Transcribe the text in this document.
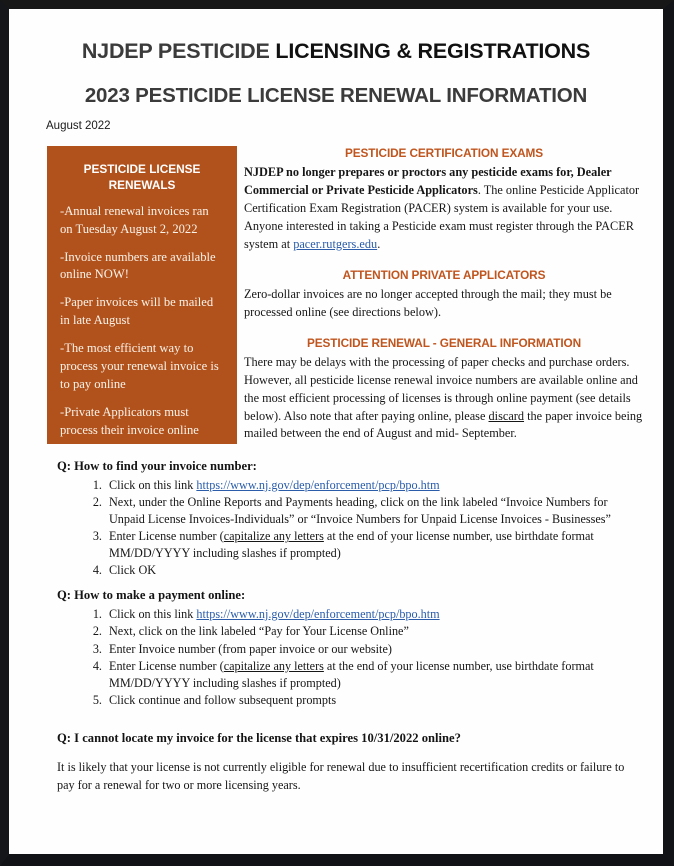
NJDEP PESTICIDE LICENSING & REGISTRATIONS
2023 PESTICIDE LICENSE RENEWAL INFORMATION
August 2022
PESTICIDE LICENSE RENEWALS
-Annual renewal invoices ran on Tuesday August 2, 2022
-Invoice numbers are available online NOW!
-Paper invoices will be mailed in late August
-The most efficient way to process your renewal invoice is to pay online
-Private Applicators must process their invoice online
PESTICIDE CERTIFICATION EXAMS

NJDEP no longer prepares or proctors any pesticide exams for, Dealer Commercial or Private Pesticide Applicators. The online Pesticide Applicator Certification Exam Registration (PACER) system is available for your use. Anyone interested in taking a Pesticide exam must register through the PACER system at pacer.rutgers.edu.

ATTENTION PRIVATE APPLICATORS

Zero-dollar invoices are no longer accepted through the mail; they must be processed online (see directions below).

PESTICIDE RENEWAL - GENERAL INFORMATION

There may be delays with the processing of paper checks and purchase orders. However, all pesticide license renewal invoice numbers are available online and the most efficient processing of licenses is through online payment (see details below). Also note that after paying online, please discard the paper invoice being mailed between the end of August and mid- September.

Q: How to find your invoice number:
1. Click on this link https://www.nj.gov/dep/enforcement/pcp/bpo.htm
2. Next, under the Online Reports and Payments heading, click on the link labeled “Invoice Numbers for Unpaid License Invoices-Individuals” or “Invoice Numbers for Unpaid License Invoices - Businesses”
3. Enter License number (capitalize any letters at the end of your license number, use birthdate format MM/DD/YYYY including slashes if prompted)
4. Click OK
Q: How to make a payment online:
1. Click on this link https://www.nj.gov/dep/enforcement/pcp/bpo.htm
2. Next, click on the link labeled “Pay for Your License Online”
3. Enter Invoice number (from paper invoice or our website)
4. Enter License number (capitalize any letters at the end of your license number, use birthdate format MM/DD/YYYY including slashes if prompted)
5. Click continue and follow subsequent prompts
Q: I cannot locate my invoice for the license that expires 10/31/2022 online?
It is likely that your license is not currently eligible for renewal due to insufficient recertification credits or failure to pay for a renewal for two or more licensing years.
